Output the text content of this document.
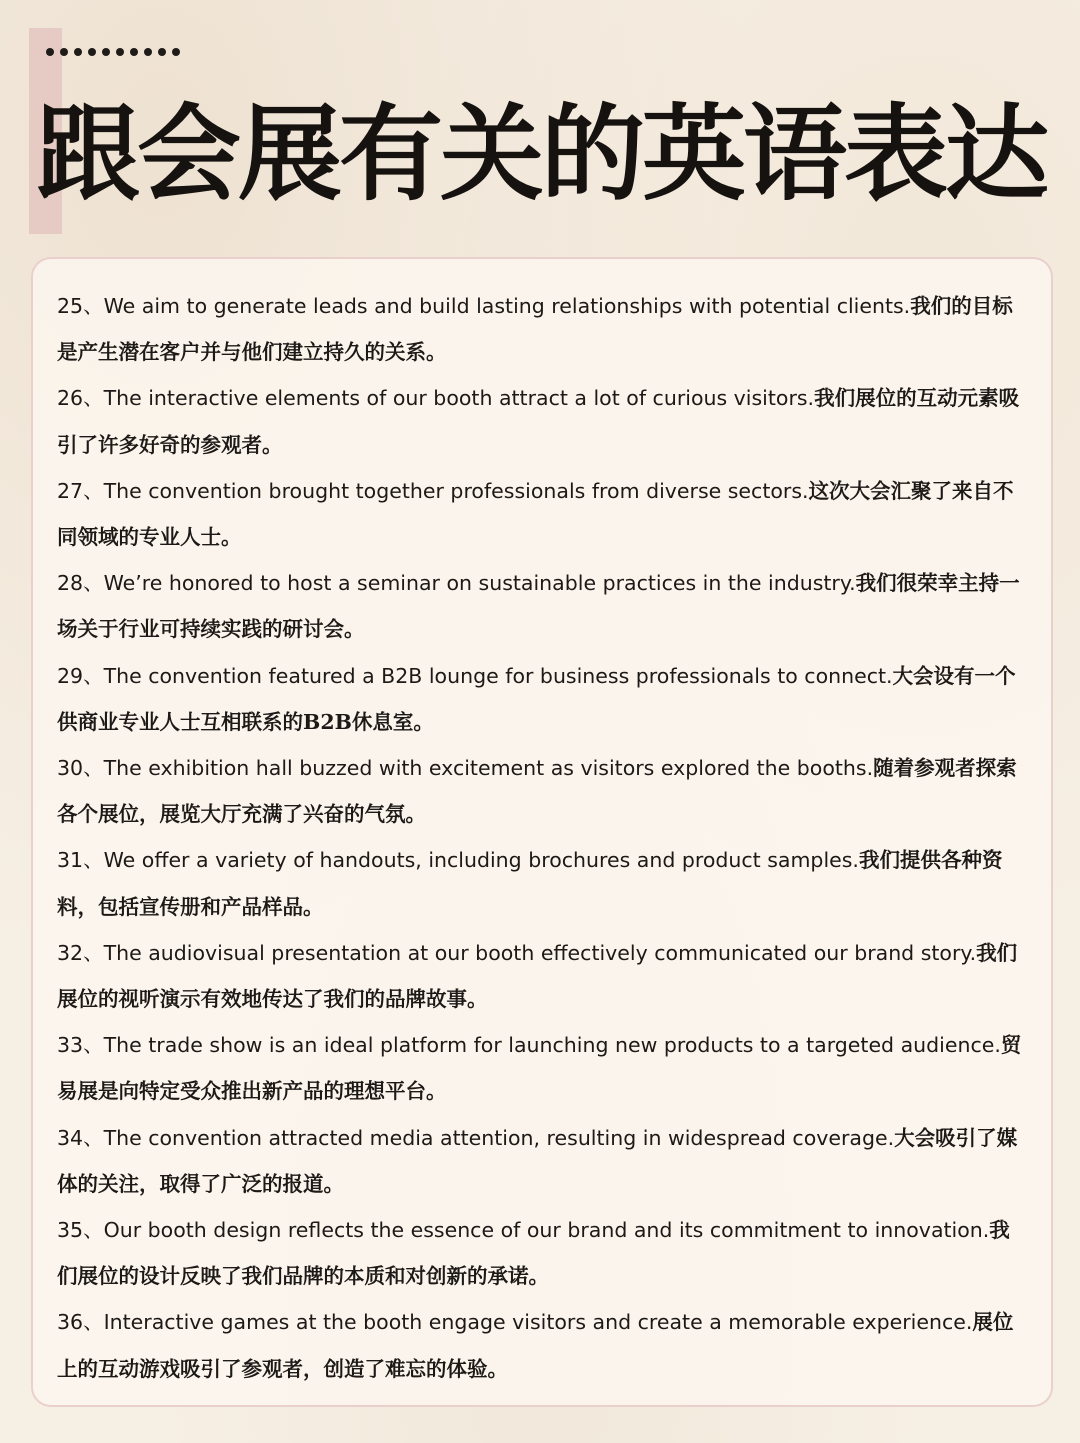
跟会展有关的英语表达

25、We aim to generate leads and build lasting relationships with potential clients.我们的目标是产生潜在客户并与他们建立持久的关系。

26、The interactive elements of our booth attract a lot of curious visitors.我们展位的互动元素吸引了许多好奇的参观者。

27、The convention brought together professionals from diverse sectors.这次大会汇聚了来自不同领域的专业人士。

28、We’re honored to host a seminar on sustainable practices in the industry.我们很荣幸主持一场关于行业可持续实践的研讨会。

29、The convention featured a B2B lounge for business professionals to connect.大会设有一个供商业专业人士互相联系的B2B休息室。

30、The exhibition hall buzzed with excitement as visitors explored the booths.随着参观者探索各个展位，展览大厅充满了兴奋的气氛。

31、We offer a variety of handouts, including brochures and product samples.我们提供各种资料，包括宣传册和产品样品。

32、The audiovisual presentation at our booth effectively communicated our brand story.我们展位的视听演示有效地传达了我们的品牌故事。

33、The trade show is an ideal platform for launching new products to a targeted audience.贸易展是向特定受众推出新产品的理想平台。

34、The convention attracted media attention, resulting in widespread coverage.大会吸引了媒体的关注，取得了广泛的报道。

35、Our booth design reflects the essence of our brand and its commitment to innovation.我们展位的设计反映了我们品牌的本质和对创新的承诺。

36、Interactive games at the booth engage visitors and create a memorable experience.展位上的互动游戏吸引了参观者，创造了难忘的体验。
